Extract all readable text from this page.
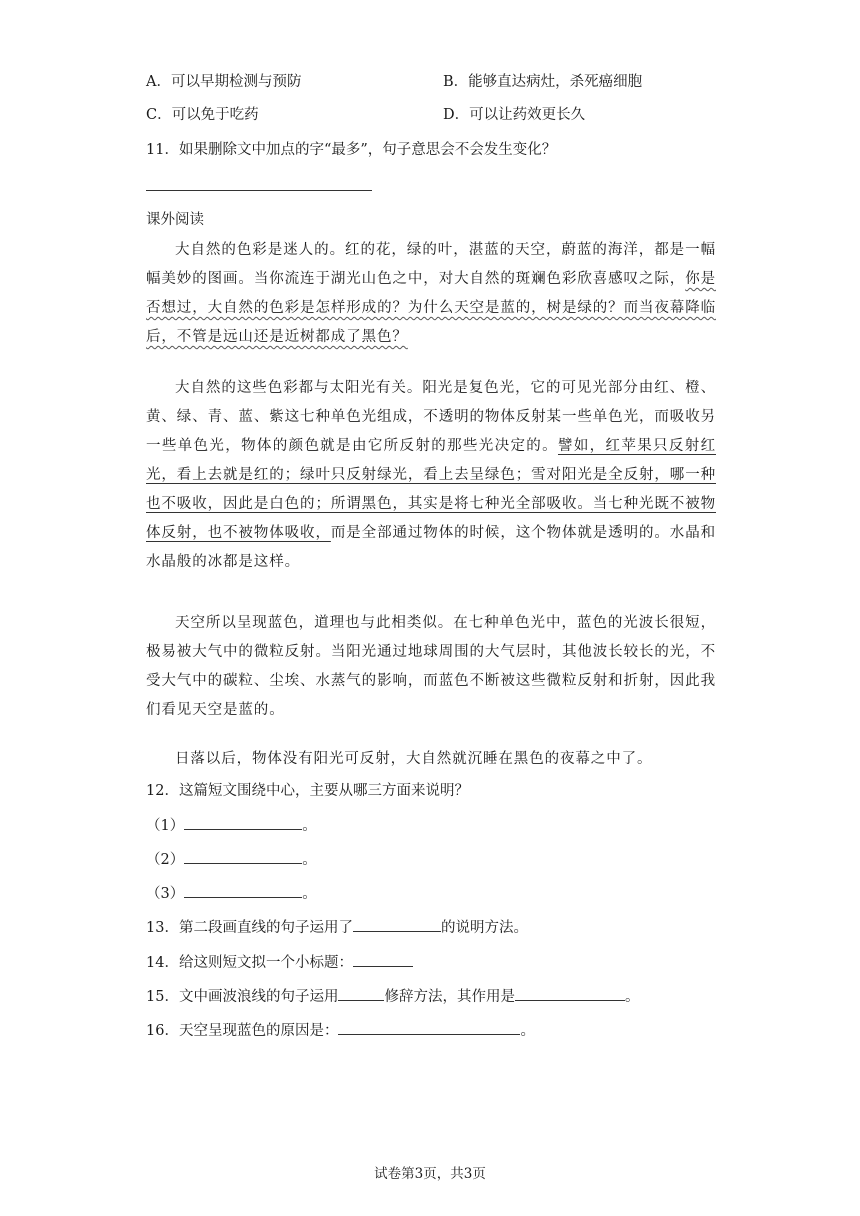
A．可以早期检测与预防	B．能够直达病灶，杀死癌细胞
C．可以免于吃药	D．可以让药效更长久
11．如果删除文中加点的字“最多”，句子意思会不会发生变化？
课外阅读
大自然的色彩是迷人的。红的花，绿的叶，湛蓝的天空，蔚蓝的海洋，都是一幅幅美妙的图画。当你流连于湖光山色之中，对大自然的斑斓色彩欣喜感叹之际，你是否想过，大自然的色彩是怎样形成的？为什么天空是蓝的，树是绿的？而当夜幕降临后，不管是远山还是近树都成了黑色？
大自然的这些色彩都与太阳光有关。阳光是复色光，它的可见光部分由红、橙、黄、绿、青、蓝、紫这七种单色光组成，不透明的物体反射某一些单色光，而吸收另一些单色光，物体的颜色就是由它所反射的那些光决定的。譬如，红苹果只反射红光，看上去就是红的；绿叶只反射绿光，看上去呈绿色；雪对阳光是全反射，哪一种也不吸收，因此是白色的；所谓黑色，其实是将七种光全部吸收。当七种光既不被物体反射，也不被物体吸收，而是全部通过物体的时候，这个物体就是透明的。水晶和水晶般的冰都是这样。
天空所以呈现蓝色，道理也与此相类似。在七种单色光中，蓝色的光波长很短，极易被大气中的微粒反射。当阳光通过地球周围的大气层时，其他波长较长的光，不受大气中的碳粒、尘埃、水蒸气的影响，而蓝色不断被这些微粒反射和折射，因此我们看见天空是蓝的。
日落以后，物体没有阳光可反射，大自然就沉睡在黑色的夜幕之中了。
12．这篇短文围绕中心，主要从哪三方面来说明？
（1）	。
（2）	。
（3）	。
13．第二段画直线的句子运用了	的说明方法。
14．给这则短文拟一个小标题：
15．文中画波浪线的句子运用	修辞方法，其作用是	。
16．天空呈现蓝色的原因是：	。
试卷第3页，共3页
